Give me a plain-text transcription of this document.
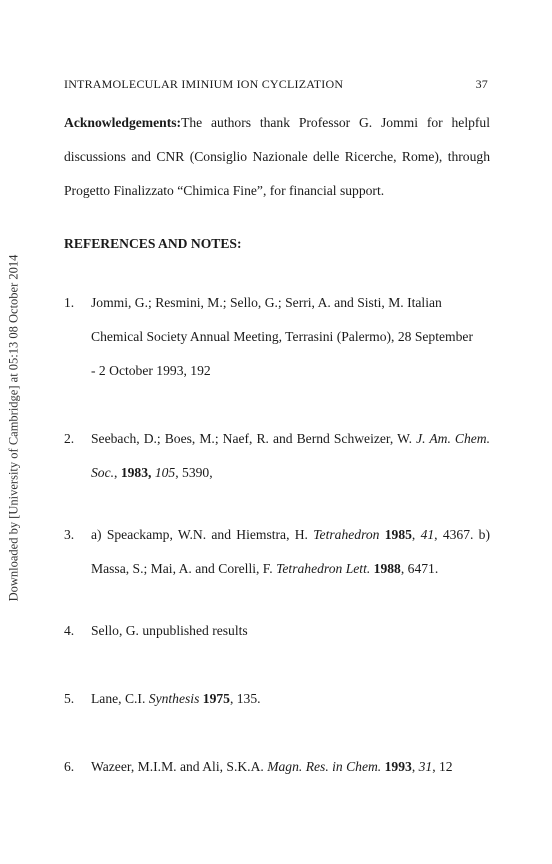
Downloaded by [University of Cambridge] at 05:13 08 October 2014
INTRAMOLECULAR IMINIUM ION CYCLIZATION	37
Acknowledgements:The authors thank Professor G. Jommi for helpful discussions and CNR (Consiglio Nazionale delle Ricerche, Rome), through Progetto Finalizzato “Chimica Fine”, for financial support.
REFERENCES AND NOTES:
1. Jommi, G.; Resmini, M.; Sello, G.; Serri, A. and Sisti, M. Italian

Chemical Society Annual Meeting, Terrasini (Palermo), 28 September

- 2 October 1993, 192

2. Seebach, D.; Boes, M.; Naef, R. and Bernd Schweizer, W. J. Am. Chem. Soc., 1983, 105, 5390,
3. a) Speackamp, W.N. and Hiemstra, H. Tetrahedron 1985, 41, 4367. b) Massa, S.; Mai, A. and Corelli, F. Tetrahedron Lett. 1988, 6471.
4. Sello, G. unpublished results
5. Lane, C.I. Synthesis 1975, 135.
6. Wazeer, M.I.M. and Ali, S.K.A. Magn. Res. in Chem. 1993, 31, 12
